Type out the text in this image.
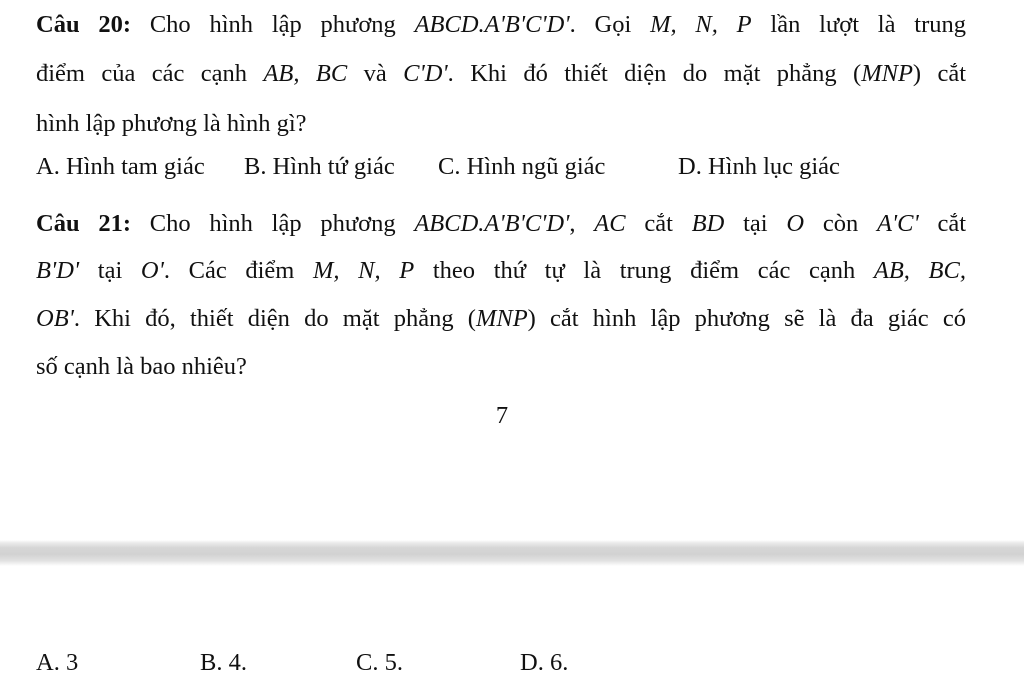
Câu 20: Cho hình lập phương ABCD.A'B'C'D'. Gọi M, N, P lần lượt là trung
điểm của các cạnh AB, BC và C'D'. Khi đó thiết diện do mặt phẳng (MNP) cắt
hình lập phương là hình gì?
A. Hình tam giác B. Hình tứ giác C. Hình ngũ giác	D. Hình lục giác
Câu 21: Cho hình lập phương ABCD.A'B'C'D', AC cắt BD tại O còn A'C' cắt
B'D' tại O'. Các điểm M, N, P theo thứ tự là trung điểm các cạnh AB, BC,
OB'. Khi đó, thiết diện do mặt phẳng (MNP) cắt hình lập phương sẽ là đa giác có
số cạnh là bao nhiêu?
7
A. 3	B. 4.	C. 5.	D. 6.
